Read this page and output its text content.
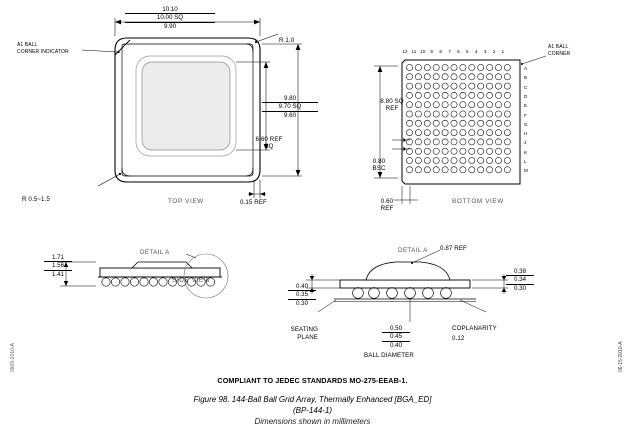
10.10
10.00 SQ
9.90
9.80
9.70 SQ
9.60
6.60 REF
SQ
A1 BALL
CORNER INDICATOR
R 1.0
R 0.5~1.5	TOP VIEW	0.15 REF
8.80 SQ
REF
0.80
BSC
0.60
REF
A1 BALL
CORNER
BOTTOM VIEW
12 11 10	9	8	7	6	5	4	3	2	1
A
B
C
D
E
F
G
H
J
K
L
M
1.71
1.56
1.41
DETAIL A
SIDE VIEW
DETAIL A 0.87 REF
0.38
0.34
0.30
0.40
0.35
0.30
SEATING
PLANE
0.50
0.45
0.40
BALL DIAMETER
COPLANARITY
0.12
COMPLIANT TO JEDEC STANDARDS MO-275-EEAB-1.
Figure 98. 144-Ball Ball Grid Array, Thermally Enhanced [BGA_ED]
(BP-144-1)
Dimensions shown in millimeters
06-15-2010-A
0905-2010-A
